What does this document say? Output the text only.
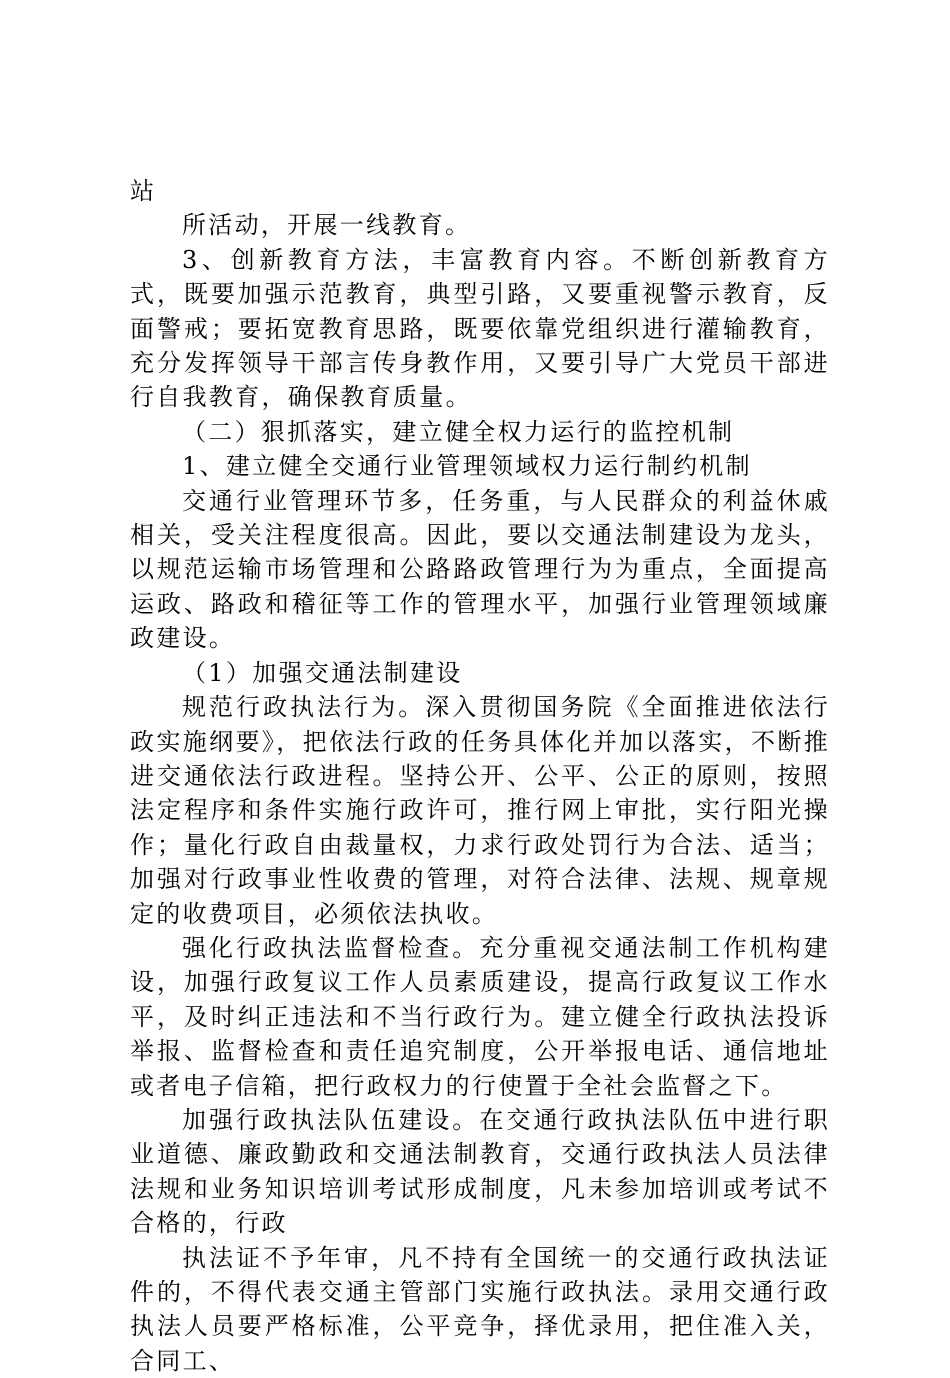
站

所活动，开展一线教育。

3、创新教育方法，丰富教育内容。不断创新教育方式，既要加强示范教育，典型引路，又要重视警示教育，反面警戒；要拓宽教育思路，既要依靠党组织进行灌输教育，充分发挥领导干部言传身教作用，又要引导广大党员干部进行自我教育，确保教育质量。

（二）狠抓落实，建立健全权力运行的监控机制

1、建立健全交通行业管理领域权力运行制约机制

交通行业管理环节多，任务重，与人民群众的利益休戚相关，受关注程度很高。因此，要以交通法制建设为龙头，以规范运输市场管理和公路路政管理行为为重点，全面提高运政、路政和稽征等工作的管理水平，加强行业管理领域廉政建设。

（1）加强交通法制建设

规范行政执法行为。深入贯彻国务院《全面推进依法行政实施纲要》，把依法行政的任务具体化并加以落实，不断推进交通依法行政进程。坚持公开、公平、公正的原则，按照法定程序和条件实施行政许可，推行网上审批，实行阳光操作；量化行政自由裁量权，力求行政处罚行为合法、适当；加强对行政事业性收费的管理，对符合法律、法规、规章规定的收费项目，必须依法执收。

强化行政执法监督检查。充分重视交通法制工作机构建设，加强行政复议工作人员素质建设，提高行政复议工作水平，及时纠正违法和不当行政行为。建立健全行政执法投诉举报、监督检查和责任追究制度，公开举报电话、通信地址或者电子信箱，把行政权力的行使置于全社会监督之下。

加强行政执法队伍建设。在交通行政执法队伍中进行职业道德、廉政勤政和交通法制教育，交通行政执法人员法律法规和业务知识培训考试形成制度，凡未参加培训或考试不合格的，行政

执法证不予年审，凡不持有全国统一的交通行政执法证件的，不得代表交通主管部门实施行政执法。录用交通行政执法人员要严格标准，公平竞争，择优录用，把住准入关，合同工、
